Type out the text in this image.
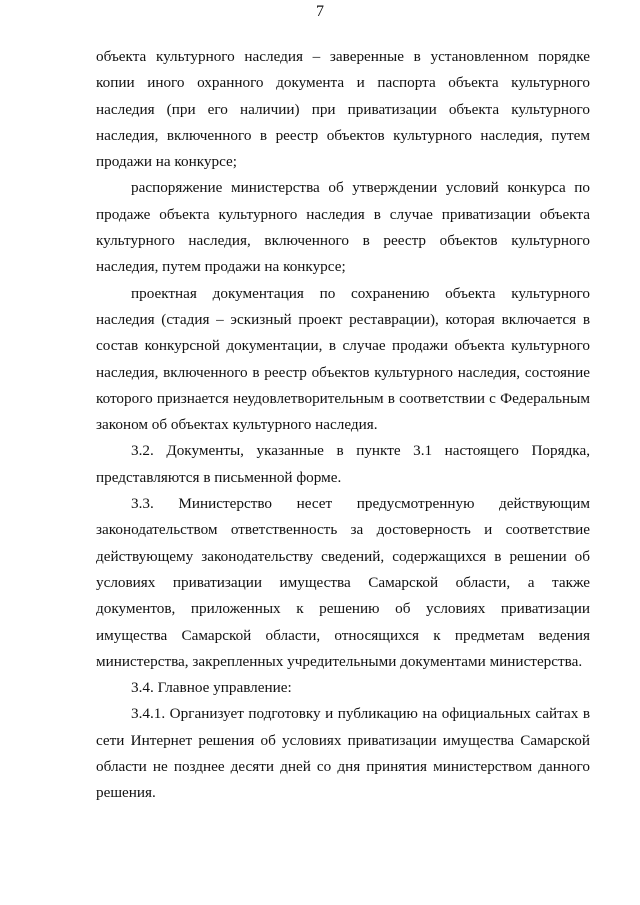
7

объекта культурного наследия – заверенные в установленном порядке копии иного охранного документа и паспорта объекта культурного наследия (при его наличии) при приватизации объекта культурного наследия, включенного в реестр объектов культурного наследия, путем продажи на конкурсе;

распоряжение министерства об утверждении условий конкурса по продаже объекта культурного наследия в случае приватизации объекта культурного наследия, включенного в реестр объектов культурного наследия, путем продажи на конкурсе;

проектная документация по сохранению объекта культурного наследия (стадия – эскизный проект реставрации), которая включается в состав конкурсной документации, в случае продажи объекта культурного наследия, включенного в реестр объектов культурного наследия, состояние которого признается неудовлетворительным в соответствии с Федеральным законом об объектах культурного наследия.

3.2. Документы, указанные в пункте 3.1 настоящего Порядка, представляются в письменной форме.

3.3. Министерство несет предусмотренную действующим законодательством ответственность за достоверность и соответствие действующему законодательству сведений, содержащихся в решении об условиях приватизации имущества Самарской области, а также документов, приложенных к решению об условиях приватизации имущества Самарской области, относящихся к предметам ведения министерства, закрепленных учредительными документами министерства.

3.4. Главное управление:

3.4.1. Организует подготовку и публикацию на официальных сайтах в сети Интернет решения об условиях приватизации имущества Самарской области не позднее десяти дней со дня принятия министерством данного решения.
